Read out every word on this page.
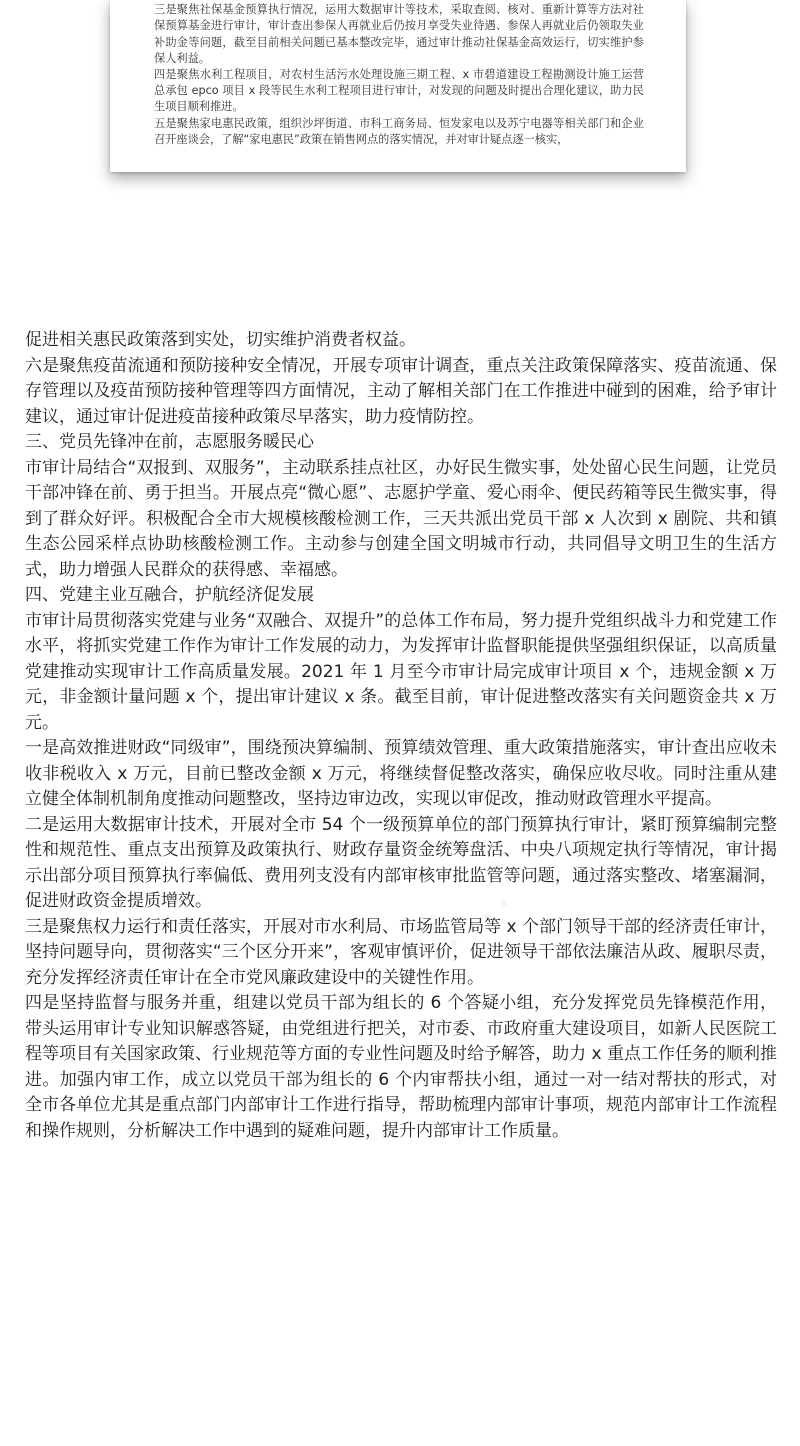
三是聚焦社保基金预算执行情况，运用大数据审计等技术，采取查阅、核对、重新计算等方法对社保预算基金进行审计，审计查出参保人再就业后仍按月享受失业待遇、参保人再就业后仍领取失业补助金等问题，截至目前相关问题已基本整改完毕，通过审计推动社保基金高效运行，切实维护参保人利益。

四是聚焦水利工程项目，对农村生活污水处理设施三期工程、x 市碧道建设工程勘测设计施工运营总承包 epco 项目 x 段等民生水利工程项目进行审计，对发现的问题及时提出合理化建议，助力民生项目顺利推进。

五是聚焦家电惠民政策，组织沙坪街道、市科工商务局、恒发家电以及苏宁电器等相关部门和企业召开座谈会，了解“家电惠民”政策在销售网点的落实情况，并对审计疑点逐一核实，

·····
·····

促进相关惠民政策落到实处，切实维护消费者权益。

六是聚焦疫苗流通和预防接种安全情况，开展专项审计调查，重点关注政策保障落实、疫苗流通、保存管理以及疫苗预防接种管理等四方面情况，主动了解相关部门在工作推进中碰到的困难，给予审计建议，通过审计促进疫苗接种政策尽早落实，助力疫情防控。

三、党员先锋冲在前，志愿服务暖民心

市审计局结合“双报到、双服务”，主动联系挂点社区，办好民生微实事，处处留心民生问题，让党员干部冲锋在前、勇于担当。开展点亮“微心愿”、志愿护学童、爱心雨伞、便民药箱等民生微实事，得到了群众好评。积极配合全市大规模核酸检测工作，三天共派出党员干部 x 人次到 x 剧院、共和镇生态公园采样点协助核酸检测工作。主动参与创建全国文明城市行动，共同倡导文明卫生的生活方式，助力增强人民群众的获得感、幸福感。

四、党建主业互融合，护航经济促发展

市审计局贯彻落实党建与业务“双融合、双提升”的总体工作布局，努力提升党组织战斗力和党建工作水平，将抓实党建工作作为审计工作发展的动力，为发挥审计监督职能提供坚强组织保证，以高质量党建推动实现审计工作高质量发展。2021 年 1 月至今市审计局完成审计项目 x 个，违规金额 x 万元，非金额计量问题 x 个，提出审计建议 x 条。截至目前，审计促进整改落实有关问题资金共 x 万元。

一是高效推进财政“同级审”，围绕预决算编制、预算绩效管理、重大政策措施落实，审计查出应收未收非税收入 x 万元，目前已整改金额 x 万元，将继续督促整改落实，确保应收尽收。同时注重从建立健全体制机制角度推动问题整改，坚持边审边改，实现以审促改，推动财政管理水平提高。

二是运用大数据审计技术，开展对全市 54 个一级预算单位的部门预算执行审计，紧盯预算编制完整性和规范性、重点支出预算及政策执行、财政存量资金统筹盘活、中央八项规定执行等情况，审计揭示出部分项目预算执行率偏低、费用列支没有内部审核审批监管等问题，通过落实整改、堵塞漏洞，促进财政资金提质增效。

三是聚焦权力运行和责任落实，开展对市水利局、市场监管局等 x 个部门领导干部的经济责任审计，坚持问题导向，贯彻落实“三个区分开来”，客观审慎评价，促进领导干部依法廉洁从政、履职尽责，充分发挥经济责任审计在全市党风廉政建设中的关键性作用。

四是坚持监督与服务并重，组建以党员干部为组长的 6 个答疑小组，充分发挥党员先锋模范作用，带头运用审计专业知识解惑答疑，由党组进行把关，对市委、市政府重大建设项目，如新人民医院工程等项目有关国家政策、行业规范等方面的专业性问题及时给予解答，助力 x 重点工作任务的顺利推进。加强内审工作，成立以党员干部为组长的 6 个内审帮扶小组，通过一对一结对帮扶的形式，对全市各单位尤其是重点部门内部审计工作进行指导，帮助梳理内部审计事项，规范内部审计工作流程和操作规则，分析解决工作中遇到的疑难问题，提升内部审计工作质量。
